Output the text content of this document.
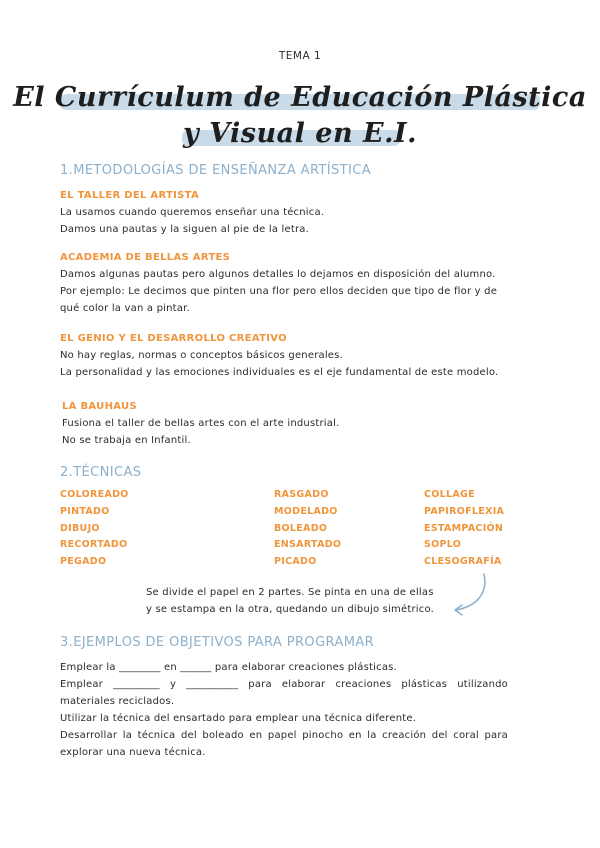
TEMA 1
El Currículum de Educación Plástica
y Visual en E.I.
1.METODOLOGÍAS DE ENSEÑANZA ARTÍSTICA
EL TALLER DEL ARTISTA
La usamos cuando queremos enseñar una técnica.
Damos una pautas y la siguen al pie de la letra.
ACADEMIA DE BELLAS ARTES
Damos algunas pautas pero algunos detalles lo dejamos en disposición del alumno.
Por ejemplo: Le decimos que pinten una flor pero ellos deciden que tipo de flor y de
qué color la van a pintar.
EL GENIO Y EL DESARROLLO CREATIVO
No hay reglas, normas o conceptos básicos generales.
La personalidad y las emociones individuales es el eje fundamental de este modelo.
LA BAUHAUS
Fusiona el taller de bellas artes con el arte industrial.
No se trabaja en Infantil.
2.TÉCNICAS
COLOREADO
PINTADO
DIBUJO
RECORTADO
PEGADO
RASGADO
MODELADO
BOLEADO
ENSARTADO
PICADO
COLLAGE
PAPIROFLEXIA
ESTAMPACIÓN
SOPLO
CLESOGRAFÍA
Se divide el papel en 2 partes. Se pinta en una de ellas
y se estampa en la otra, quedando un dibujo simétrico.
3.EJEMPLOS DE OBJETIVOS PARA PROGRAMAR
Emplear la ________ en ______ para elaborar creaciones plásticas.
Emplear _________ y __________ para elaborar creaciones plásticas utilizando materiales reciclados.
Utilizar la técnica del ensartado para emplear una técnica diferente.
Desarrollar la técnica del boleado en papel pinocho en la creación del coral para explorar una nueva técnica.
